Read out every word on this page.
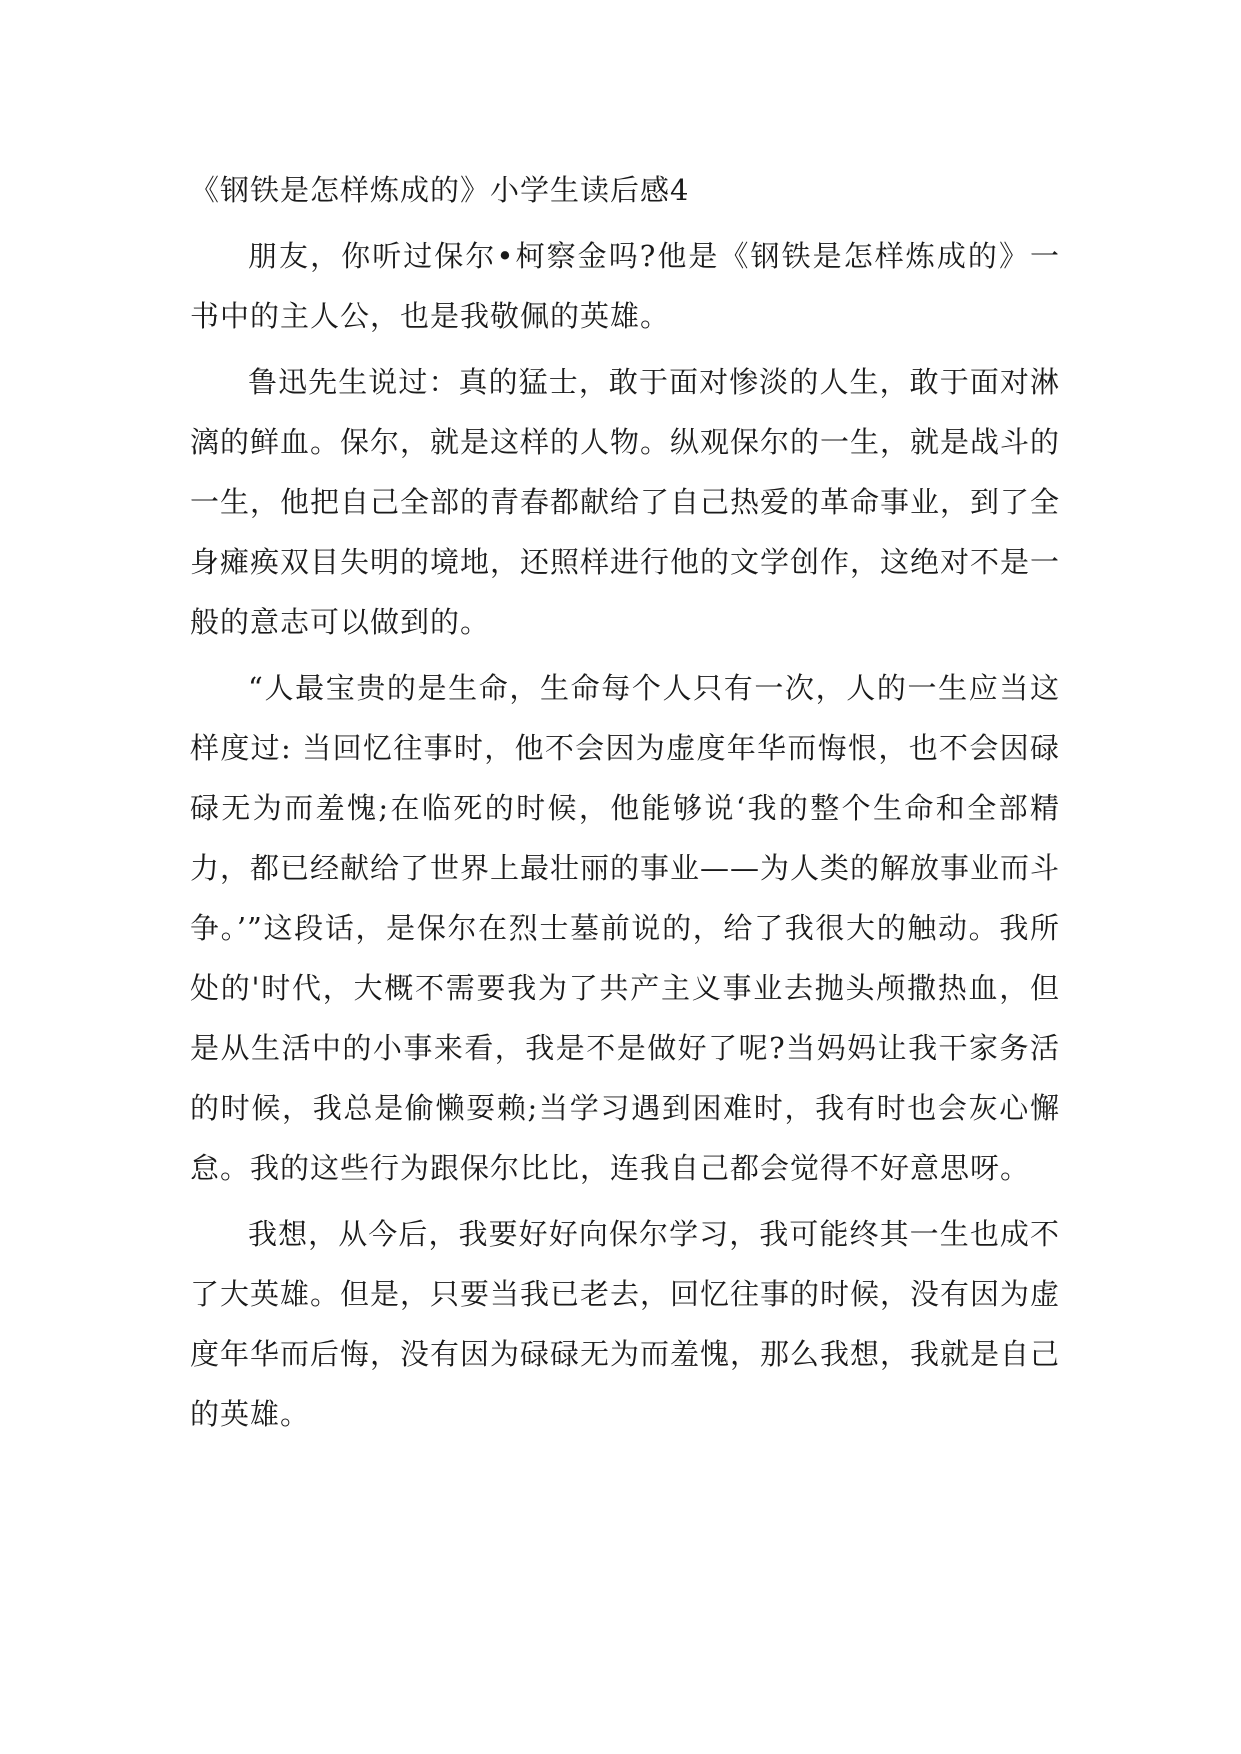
《钢铁是怎样炼成的》小学生读后感4

朋友，你听过保尔•柯察金吗?他是《钢铁是怎样炼成的》一书中的主人公，也是我敬佩的英雄。

鲁迅先生说过：真的猛士，敢于面对惨淡的人生，敢于面对淋漓的鲜血。保尔，就是这样的人物。纵观保尔的一生，就是战斗的一生，他把自己全部的青春都献给了自己热爱的革命事业，到了全身瘫痪双目失明的境地，还照样进行他的文学创作，这绝对不是一般的意志可以做到的。

“人最宝贵的是生命，生命每个人只有一次，人的一生应当这样度过: 当回忆往事时，他不会因为虚度年华而悔恨，也不会因碌碌无为而羞愧;在临死的时候，他能够说‘我的整个生命和全部精力，都已经献给了世界上最壮丽的事业——为人类的解放事业而斗争。’”这段话，是保尔在烈士墓前说的，给了我很大的触动。我所处的'时代，大概不需要我为了共产主义事业去抛头颅撒热血，但是从生活中的小事来看，我是不是做好了呢?当妈妈让我干家务活的时候，我总是偷懒耍赖;当学习遇到困难时，我有时也会灰心懈怠。我的这些行为跟保尔比比，连我自己都会觉得不好意思呀。

我想，从今后，我要好好向保尔学习，我可能终其一生也成不了大英雄。但是，只要当我已老去，回忆往事的时候，没有因为虚度年华而后悔，没有因为碌碌无为而羞愧，那么我想，我就是自己的英雄。
